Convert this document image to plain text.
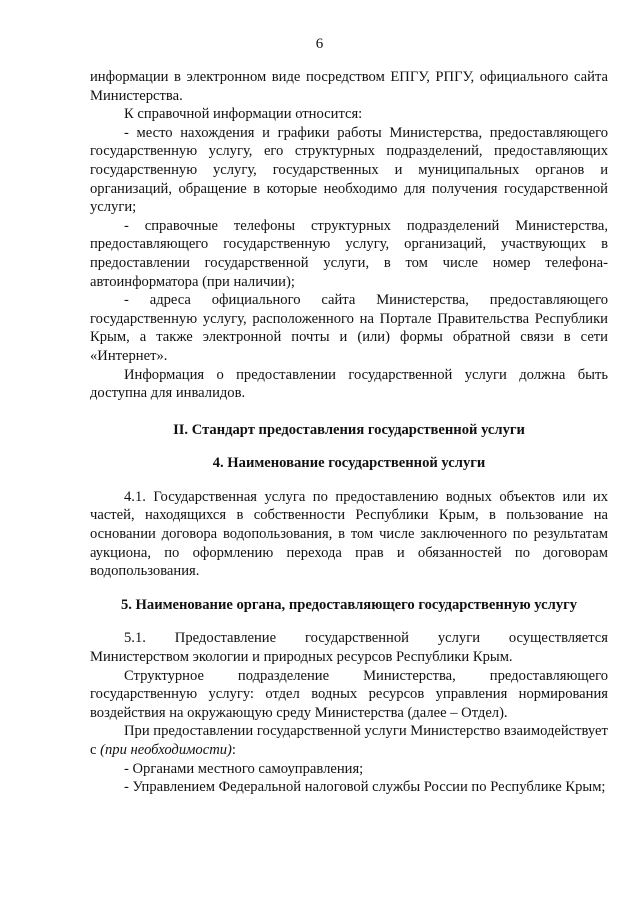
6

информации в электронном виде посредством ЕПГУ, РПГУ, официального сайта Министерства.

К справочной информации относится:

- место нахождения и графики работы Министерства, предоставляющего государственную услугу, его структурных подразделений, предоставляющих государственную услугу, государственных и муниципальных органов и организаций, обращение в которые необходимо для получения государственной услуги;

- справочные телефоны структурных подразделений Министерства, предоставляющего государственную услугу, организаций, участвующих в предоставлении государственной услуги, в том числе номер телефона-автоинформатора (при наличии);

- адреса официального сайта Министерства, предоставляющего государственную услугу, расположенного на Портале Правительства Республики Крым, а также электронной почты и (или) формы обратной связи в сети «Интернет».

Информация о предоставлении государственной услуги должна быть доступна для инвалидов.

II. Стандарт предоставления государственной услуги

4. Наименование государственной услуги

4.1. Государственная услуга по предоставлению водных объектов или их частей, находящихся в собственности Республики Крым, в пользование на основании договора водопользования, в том числе заключенного по результатам аукциона, по оформлению перехода прав и обязанностей по договорам водопользования.

5. Наименование органа, предоставляющего государственную услугу

5.1. Предоставление государственной услуги осуществляется Министерством экологии и природных ресурсов Республики Крым.

Структурное подразделение Министерства, предоставляющего государственную услугу: отдел водных ресурсов управления нормирования воздействия на окружающую среду Министерства (далее – Отдел).

При предоставлении государственной услуги Министерство взаимодействует

с (при необходимости):

- Органами местного самоуправления;

- Управлением Федеральной налоговой службы России по Республике Крым;
